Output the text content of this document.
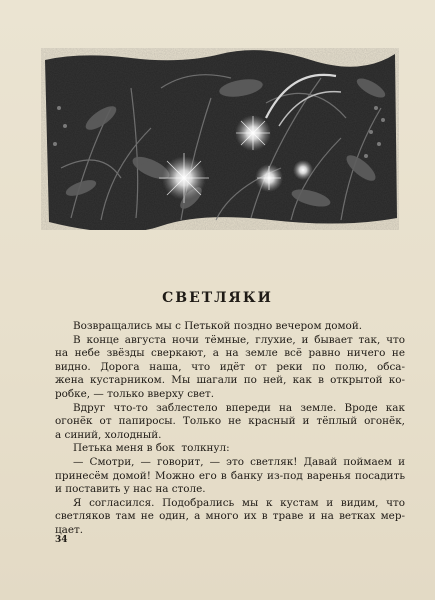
СВЕТЛЯКИ
Возвращались мы с Петькой поздно вечером домой.
В конце августа ночи тёмные, глухие, и бывает так, что
на небе звёзды сверкают, а на земле всё равно ничего не
видно. Дорога наша, что идёт от реки по полю, обса-
жена кустарником. Мы шагали по ней, как в открытой ко-
робке, — только вверху свет.
Вдруг что-то заблестело впереди на земле. Вроде как
огонёк от папиросы. Только не красный и тёплый огонёк,
а синий, холодный.
Петька меня в бок  толкнул:
— Смотри, — говорит, — это светляк! Давай поймаем и
принесём домой! Можно его в банку из-под варенья посадить
и поставить у нас на столе.
Я согласился. Подобрались мы к кустам и видим, что
светляков там не один, а много их в траве и на ветках мер-
цает.
34
